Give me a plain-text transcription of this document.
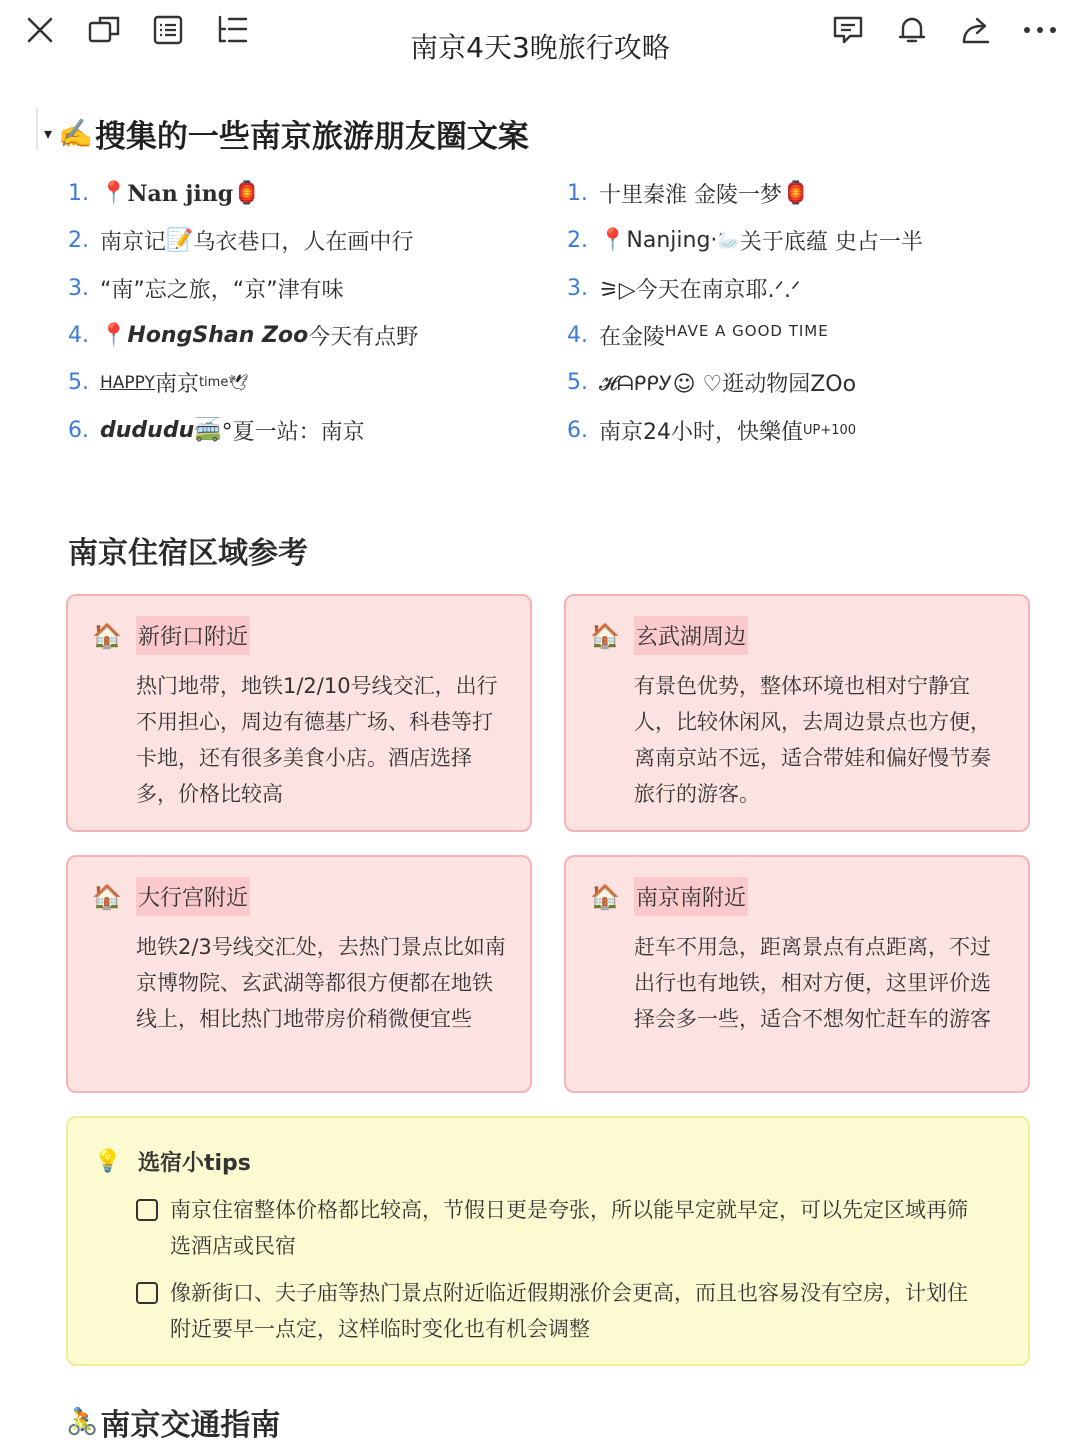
南京4天3晚旅行攻略
▾ ✍️ 搜集的一些南京旅游朋友圈文案
1. 📍 Nan jing 🏮
2. 南京记 📝 乌衣巷口，人在画中行
3. “南”忘之旅，“京”津有味
4. 📍 HongShan Zoo 今天有点野
5. HAPPY 南京 time 🕊
6. dududu 🚎 °夏一站：南京
1. 十里秦淮 金陵一梦 🏮
2. 📍 Nanjing· 🦢 关于底蕴 史占一半
3. ⚞▷今天在南京耶.ᐟ.ᐟ
4. 在金陵 HAVE A GOOD TIME
5. 𝓗ᗩᑭᑭᎩ ☺ ♡逛动物园ZOo
6. 南京24小时，快樂值 UP+100
南京住宿区域参考
🏠 新街口附近
热门地带，地铁1/2/10号线交汇，出行不用担心，周边有德基广场、科巷等打卡地，还有很多美食小店。酒店选择多，价格比较高
🏠 玄武湖周边
有景色优势，整体环境也相对宁静宜人，比较休闲风，去周边景点也方便，离南京站不远，适合带娃和偏好慢节奏旅行的游客。
🏠 大行宫附近
地铁2/3号线交汇处，去热门景点比如南京博物院、玄武湖等都很方便都在地铁线上，相比热门地带房价稍微便宜些
🏠 南京南附近
赶车不用急，距离景点有点距离，不过出行也有地铁，相对方便，这里评价选择会多一些，适合不想匆忙赶车的游客
💡 选宿小tips
南京住宿整体价格都比较高，节假日更是夸张，所以能早定就早定，可以先定区域再筛选酒店或民宿
像新街口、夫子庙等热门景点附近临近假期涨价会更高，而且也容易没有空房，计划住附近要早一点定，这样临时变化也有机会调整
🚴 南京交通指南
